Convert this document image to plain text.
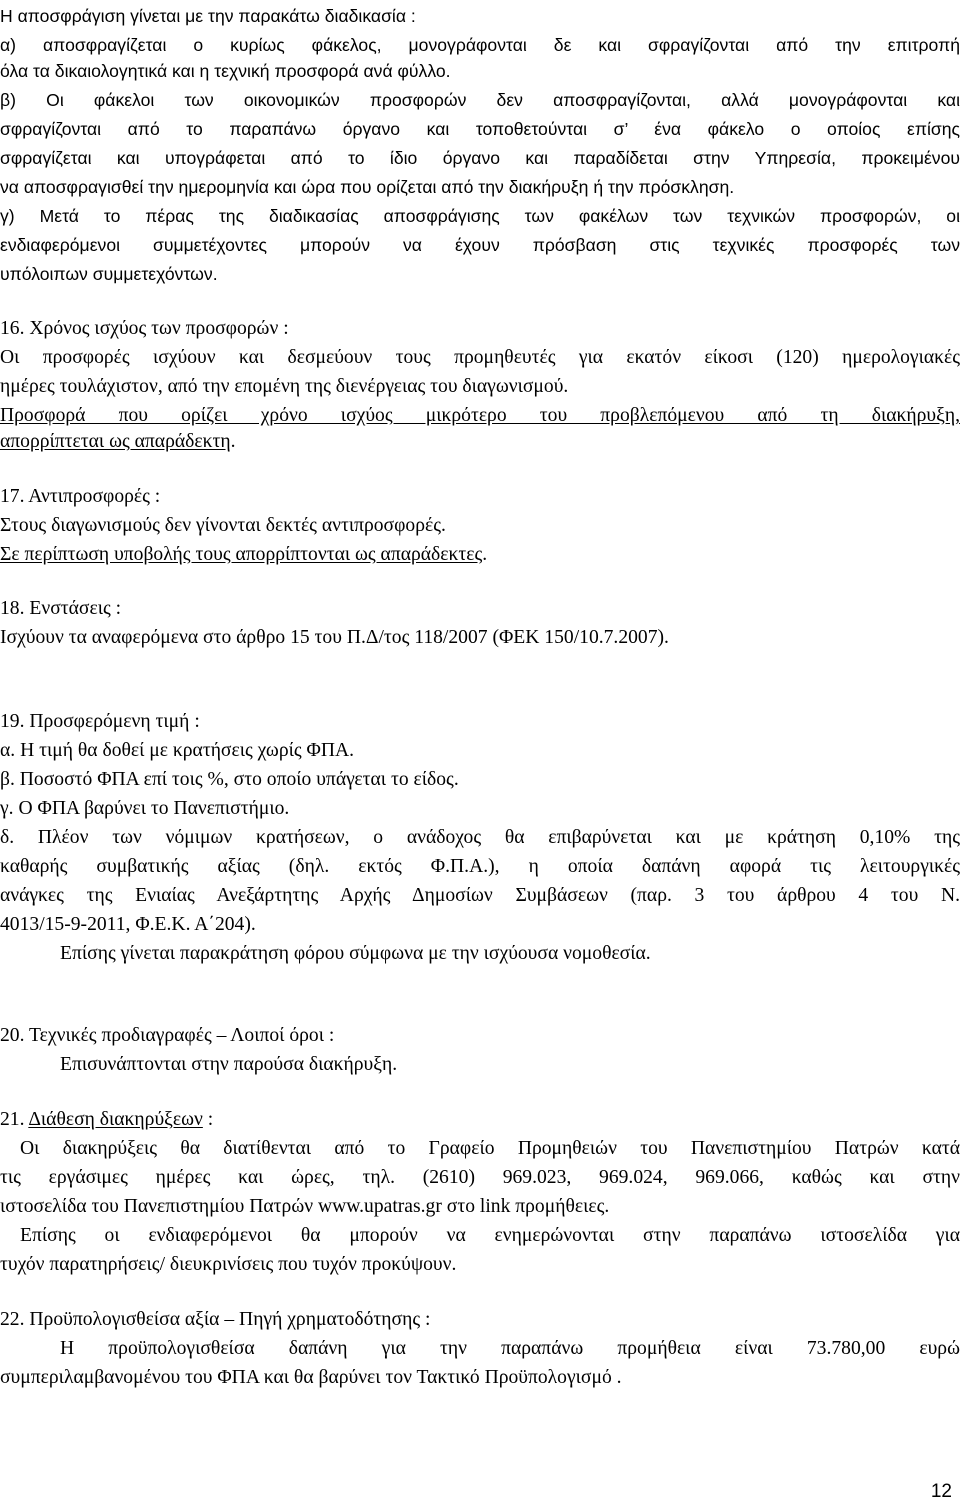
Η αποσφράγιση γίνεται με την παρακάτω διαδικασία :

α) αποσφραγίζεται ο κυρίως φάκελος, μονογράφονται δε και σφραγίζονται από την επιτροπή

όλα τα δικαιολογητικά και η τεχνική προσφορά ανά φύλλο.

β) Οι φάκελοι των οικονομικών προσφορών δεν αποσφραγίζονται, αλλά μονογράφονται και

σφραγίζονται από το παραπάνω όργανο και τοποθετούνται σ’ ένα φάκελο ο οποίος επίσης

σφραγίζεται και υπογράφεται από το ίδιο όργανο και παραδίδεται στην Υπηρεσία, προκειμένου

να αποσφραγισθεί την ημερομηνία και ώρα που ορίζεται από την διακήρυξη ή την πρόσκληση.

γ) Μετά το πέρας της διαδικασίας αποσφράγισης των φακέλων των τεχνικών προσφορών, οι

ενδιαφερόμενοι συμμετέχοντες μπορούν να έχουν πρόσβαση στις τεχνικές προσφορές των

υπόλοιπων συμμετεχόντων.

16. Χρόνος ισχύος των προσφορών :

Οι προσφορές ισχύουν και δεσμεύουν τους προμηθευτές για εκατόν είκοσι (120) ημερολογιακές

ημέρες τουλάχιστον, από την επομένη της διενέργειας του διαγωνισμού.

Προσφορά που ορίζει χρόνο ισχύος μικρότερο του προβλεπόμενου από τη διακήρυξη,

απορρίπτεται ως απαράδεκτη.

17. Αντιπροσφορές :

Στους διαγωνισμούς δεν γίνονται δεκτές αντιπροσφορές.

Σε περίπτωση υποβολής τους απορρίπτονται ως απαράδεκτες.

18. Ενστάσεις :

Ισχύουν τα αναφερόμενα στο άρθρο 15 του Π.Δ/τος 118/2007 (ΦΕΚ 150/10.7.2007).

19. Προσφερόμενη τιμή :

α. Η τιμή θα δοθεί με κρατήσεις χωρίς ΦΠΑ.

β. Ποσοστό ΦΠΑ επί τοις %, στο οποίο υπάγεται το είδος.

γ. Ο ΦΠΑ βαρύνει το Πανεπιστήμιο.

δ. Πλέον των νόμιμων κρατήσεων, ο ανάδοχος θα επιβαρύνεται και με κράτηση 0,10% της

καθαρής συμβατικής αξίας (δηλ. εκτός Φ.Π.Α.), η οποία δαπάνη αφορά τις λειτουργικές

ανάγκες της Ενιαίας Ανεξάρτητης Αρχής Δημοσίων Συμβάσεων (παρ. 3 του άρθρου 4 του Ν.

4013/15-9-2011, Φ.Ε.Κ. Α΄204).

Επίσης γίνεται παρακράτηση φόρου σύμφωνα με την ισχύουσα νομοθεσία.

20. Τεχνικές προδιαγραφές – Λοιποί όροι :

Επισυνάπτονται στην παρούσα διακήρυξη.

21. Διάθεση διακηρύξεων :

Οι διακηρύξεις θα διατίθενται από το Γραφείο Προμηθειών του Πανεπιστημίου Πατρών κατά

τις εργάσιμες ημέρες και ώρες, τηλ. (2610) 969.023, 969.024, 969.066, καθώς και στην

ιστοσελίδα του Πανεπιστημίου Πατρών www.upatras.gr στο link προμήθειες.

Επίσης οι ενδιαφερόμενοι θα μπορούν να ενημερώνονται στην παραπάνω ιστοσελίδα για

τυχόν παρατηρήσεις/ διευκρινίσεις που τυχόν προκύψουν.

22. Προϋπολογισθείσα αξία – Πηγή χρηματοδότησης :

Η προϋπολογισθείσα δαπάνη για την παραπάνω προμήθεια είναι 73.780,00 ευρώ

συμπεριλαμβανομένου του ΦΠΑ και θα βαρύνει τον Τακτικό Προϋπολογισμό .

12
